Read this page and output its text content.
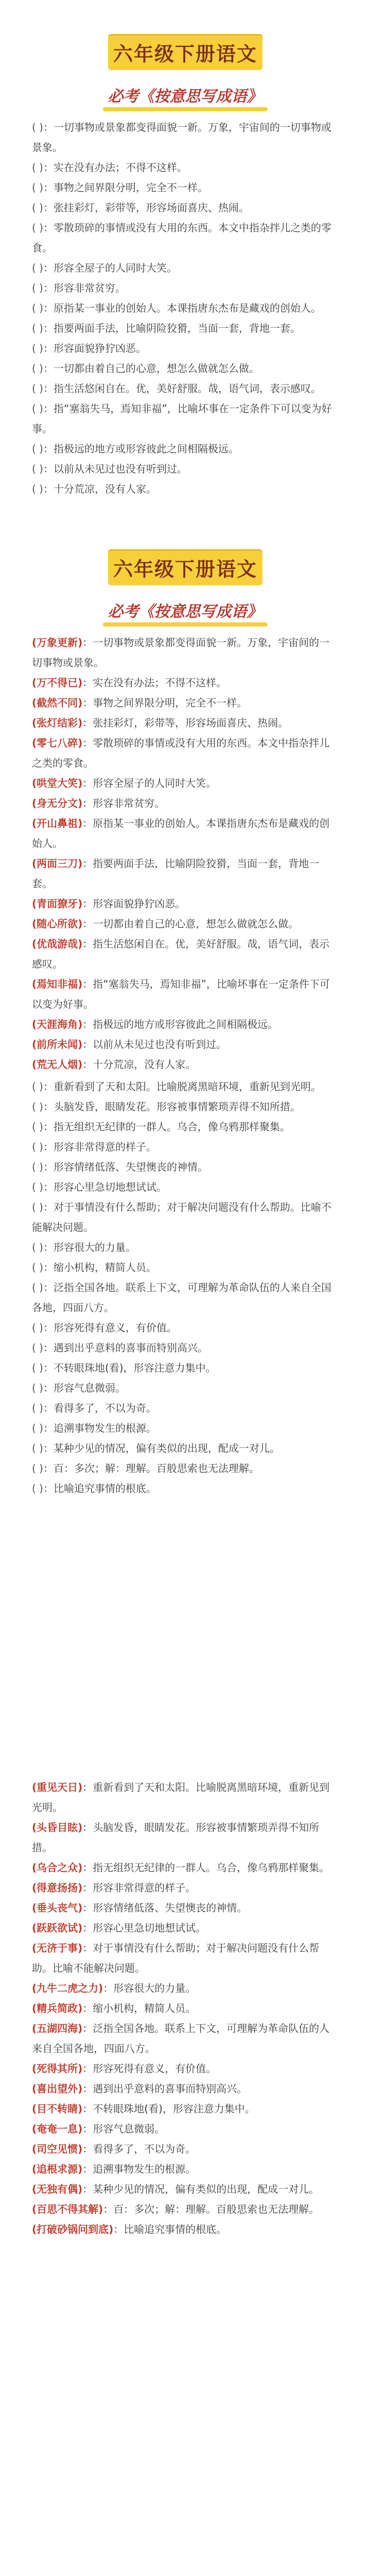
六年级下册语文
必考《按意思写成语》

( )：一切事物或景象都变得面貌一新。万象，宇宙间的一切事物或景象。

( )：实在没有办法；不得不这样。

( )：事物之间界限分明，完全不一样。

( )：张挂彩灯，彩带等，形容场面喜庆、热闹。

( )：零散琐碎的事情或没有大用的东西。本文中指杂拌儿之类的零食。

( )：形容全屋子的人同时大笑。

( )：形容非常贫穷。

( )：原指某一事业的创始人。本课指唐东杰布是藏戏的创始人。

( )：指要两面手法，比喻阴险狡猾，当面一套，背地一套。

( )：形容面貌狰狞凶恶。

( )：一切都由着自己的心意，想怎么做就怎么做。

( )：指生活悠闲自在。优，美好舒服。哉，语气词，表示感叹。

( )：指“塞翁失马，焉知非福”，比喻坏事在一定条件下可以变为好事。

( )：指极远的地方或形容彼此之间相隔极远。

( )：以前从未见过也没有听到过。

( )：十分荒凉，没有人家。

六年级下册语文
必考《按意思写成语》

(万象更新)：一切事物或景象都变得面貌一新。万象，宇宙间的一切事物或景象。

(万不得已)：实在没有办法；不得不这样。

(截然不同)：事物之间界限分明，完全不一样。

(张灯结彩)：张挂彩灯，彩带等，形容场面喜庆、热闹。

(零七八碎)：零散琐碎的事情或没有大用的东西。本文中指杂拌儿之类的零食。

(哄堂大笑)：形容全屋子的人同时大笑。

(身无分文)：形容非常贫穷。

(开山鼻祖)：原指某一事业的创始人。本课指唐东杰布是藏戏的创始人。

(两面三刀)：指要两面手法，比喻阴险狡猾，当面一套，背地一套。

(青面獠牙)：形容面貌狰狞凶恶。

(随心所欲)：一切都由着自己的心意，想怎么做就怎么做。

(优哉游哉)：指生活悠闲自在。优，美好舒服。哉，语气词，表示感叹。

(焉知非福)：指“塞翁失马，焉知非福”，比喻坏事在一定条件下可以变为好事。

(天涯海角)：指极远的地方或形容彼此之间相隔极远。

(前所未闻)：以前从未见过也没有听到过。

(荒无人烟)：十分荒凉，没有人家。

( )：重新看到了天和太阳。比喻脱离黑暗环境，重新见到光明。

( )：头脑发昏，眼睛发花。形容被事情繁琐弄得不知所措。

( )：指无组织无纪律的一群人。乌合，像乌鸦那样聚集。

( )：形容非常得意的样子。

( )：形容情绪低落、失望懊丧的神情。

( )：形容心里急切地想试试。

( )：对于事情没有什么帮助；对于解决问题没有什么帮助。比喻不能解决问题。

( )：形容很大的力量。

( )：缩小机构，精简人员。

( )：泛指全国各地。联系上下文，可理解为革命队伍的人来自全国各地，四面八方。

( )：形容死得有意义，有价值。

( )：遇到出乎意料的喜事而特别高兴。

( )：不转眼珠地(看)，形容注意力集中。

( )：形容气息微弱。

( )：看得多了，不以为奇。

( )：追溯事物发生的根源。

( )：某种少见的情况，偏有类似的出现，配成一对儿。

( )：百：多次；解：理解。百般思索也无法理解。

( )：比喻追究事情的根底。

(重见天日)：重新看到了天和太阳。比喻脱离黑暗环境，重新见到光明。

(头昏目眩)：头脑发昏，眼睛发花。形容被事情繁琐弄得不知所措。

(乌合之众)：指无组织无纪律的一群人。乌合，像乌鸦那样聚集。

(得意扬扬)：形容非常得意的样子。

(垂头丧气)：形容情绪低落、失望懊丧的神情。

(跃跃欲试)：形容心里急切地想试试。

(无济于事)：对于事情没有什么帮助；对于解决问题没有什么帮助。比喻不能解决问题。

(九牛二虎之力)：形容很大的力量。

(精兵简政)：缩小机构，精简人员。

(五湖四海)：泛指全国各地。联系上下文，可理解为革命队伍的人来自全国各地，四面八方。

(死得其所)：形容死得有意义，有价值。

(喜出望外)：遇到出乎意料的喜事而特别高兴。

(目不转睛)：不转眼珠地(看)，形容注意力集中。

(奄奄一息)：形容气息微弱。

(司空见惯)：看得多了，不以为奇。

(追根求源)：追溯事物发生的根源。

(无独有偶)：某种少见的情况，偏有类似的出现，配成一对儿。

(百思不得其解)：百：多次；解：理解。百般思索也无法理解。

(打破砂锅问到底)：比喻追究事情的根底。
